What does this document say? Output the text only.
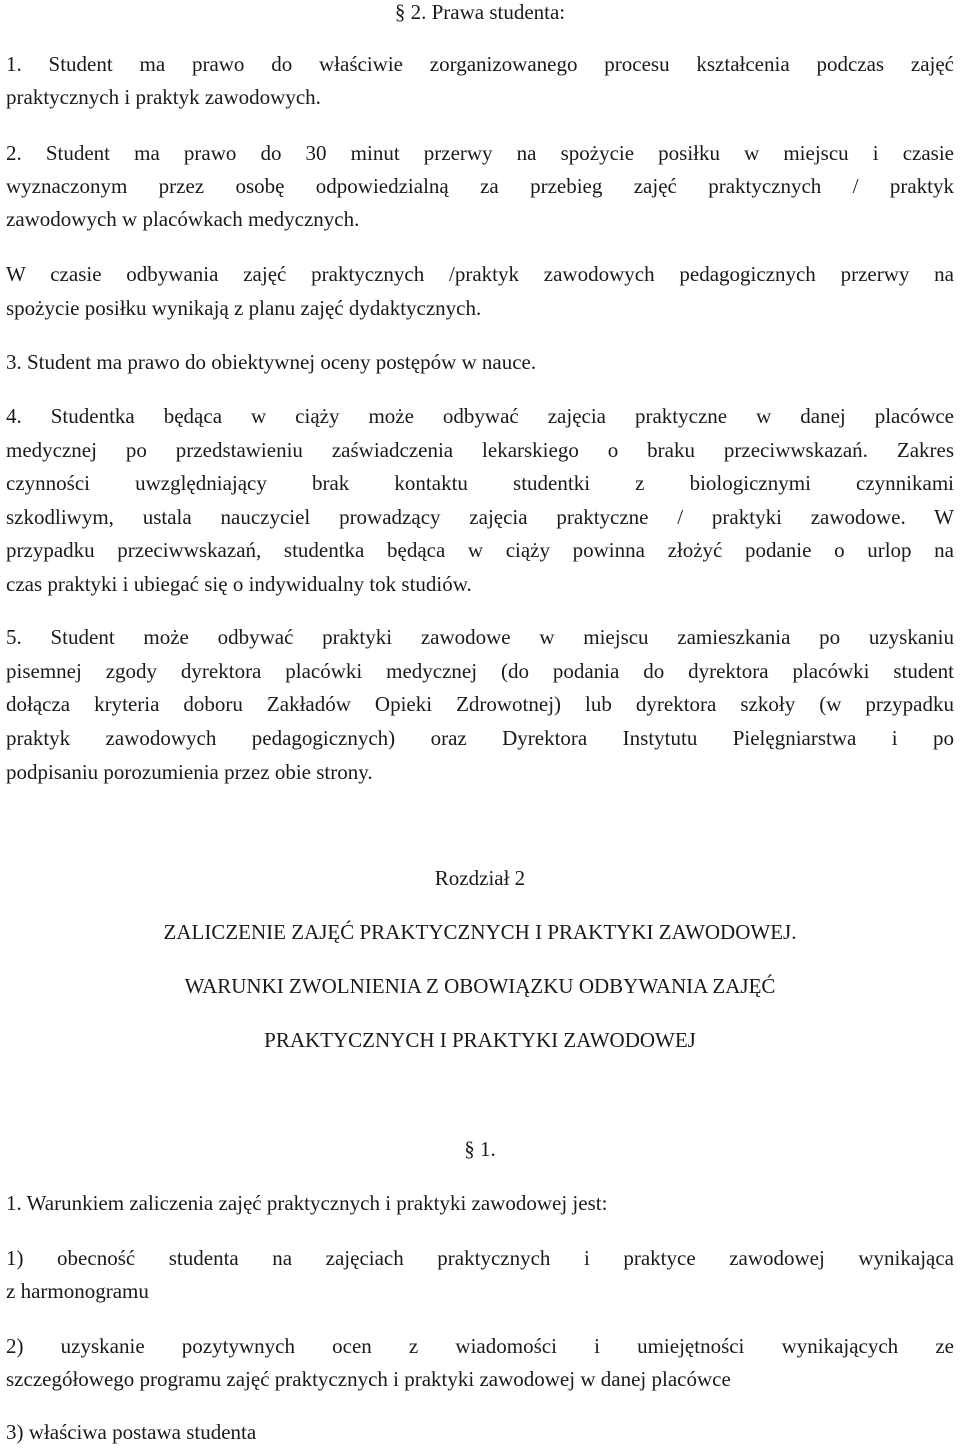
§ 2. Prawa studenta:
1. Student ma prawo do właściwie zorganizowanego procesu kształcenia podczas zajęć
praktycznych i praktyk zawodowych.
2. Student ma prawo do 30 minut przerwy na spożycie posiłku w miejscu i czasie
wyznaczonym przez osobę odpowiedzialną za przebieg zajęć praktycznych / praktyk
zawodowych w placówkach medycznych.
W czasie odbywania zajęć praktycznych /praktyk zawodowych pedagogicznych przerwy na
spożycie posiłku wynikają z planu zajęć dydaktycznych.
3. Student ma prawo do obiektywnej oceny postępów w nauce.
4. Studentka będąca w ciąży może odbywać zajęcia praktyczne w danej placówce
medycznej po przedstawieniu zaświadczenia lekarskiego o braku przeciwwskazań. Zakres
czynności uwzględniający brak kontaktu studentki z biologicznymi czynnikami
szkodliwym, ustala nauczyciel prowadzący zajęcia praktyczne / praktyki zawodowe. W
przypadku przeciwwskazań, studentka będąca w ciąży powinna złożyć podanie o urlop na
czas praktyki i ubiegać się o indywidualny tok studiów.
5. Student może odbywać praktyki zawodowe w miejscu zamieszkania po uzyskaniu
pisemnej zgody dyrektora placówki medycznej (do podania do dyrektora placówki student
dołącza kryteria doboru Zakładów Opieki Zdrowotnej) lub dyrektora szkoły (w przypadku
praktyk zawodowych pedagogicznych) oraz Dyrektora Instytutu Pielęgniarstwa i po
podpisaniu porozumienia przez obie strony.
Rozdział 2
ZALICZENIE ZAJĘĆ PRAKTYCZNYCH I PRAKTYKI ZAWODOWEJ.
WARUNKI ZWOLNIENIA Z OBOWIĄZKU ODBYWANIA ZAJĘĆ
PRAKTYCZNYCH I PRAKTYKI ZAWODOWEJ
§ 1.
1. Warunkiem zaliczenia zajęć praktycznych i praktyki zawodowej jest:
1) obecność studenta na zajęciach praktycznych i praktyce zawodowej wynikająca
z harmonogramu
2) uzyskanie pozytywnych ocen z wiadomości i umiejętności wynikających ze
szczegółowego programu zajęć praktycznych i praktyki zawodowej w danej placówce
3) właściwa postawa studenta
